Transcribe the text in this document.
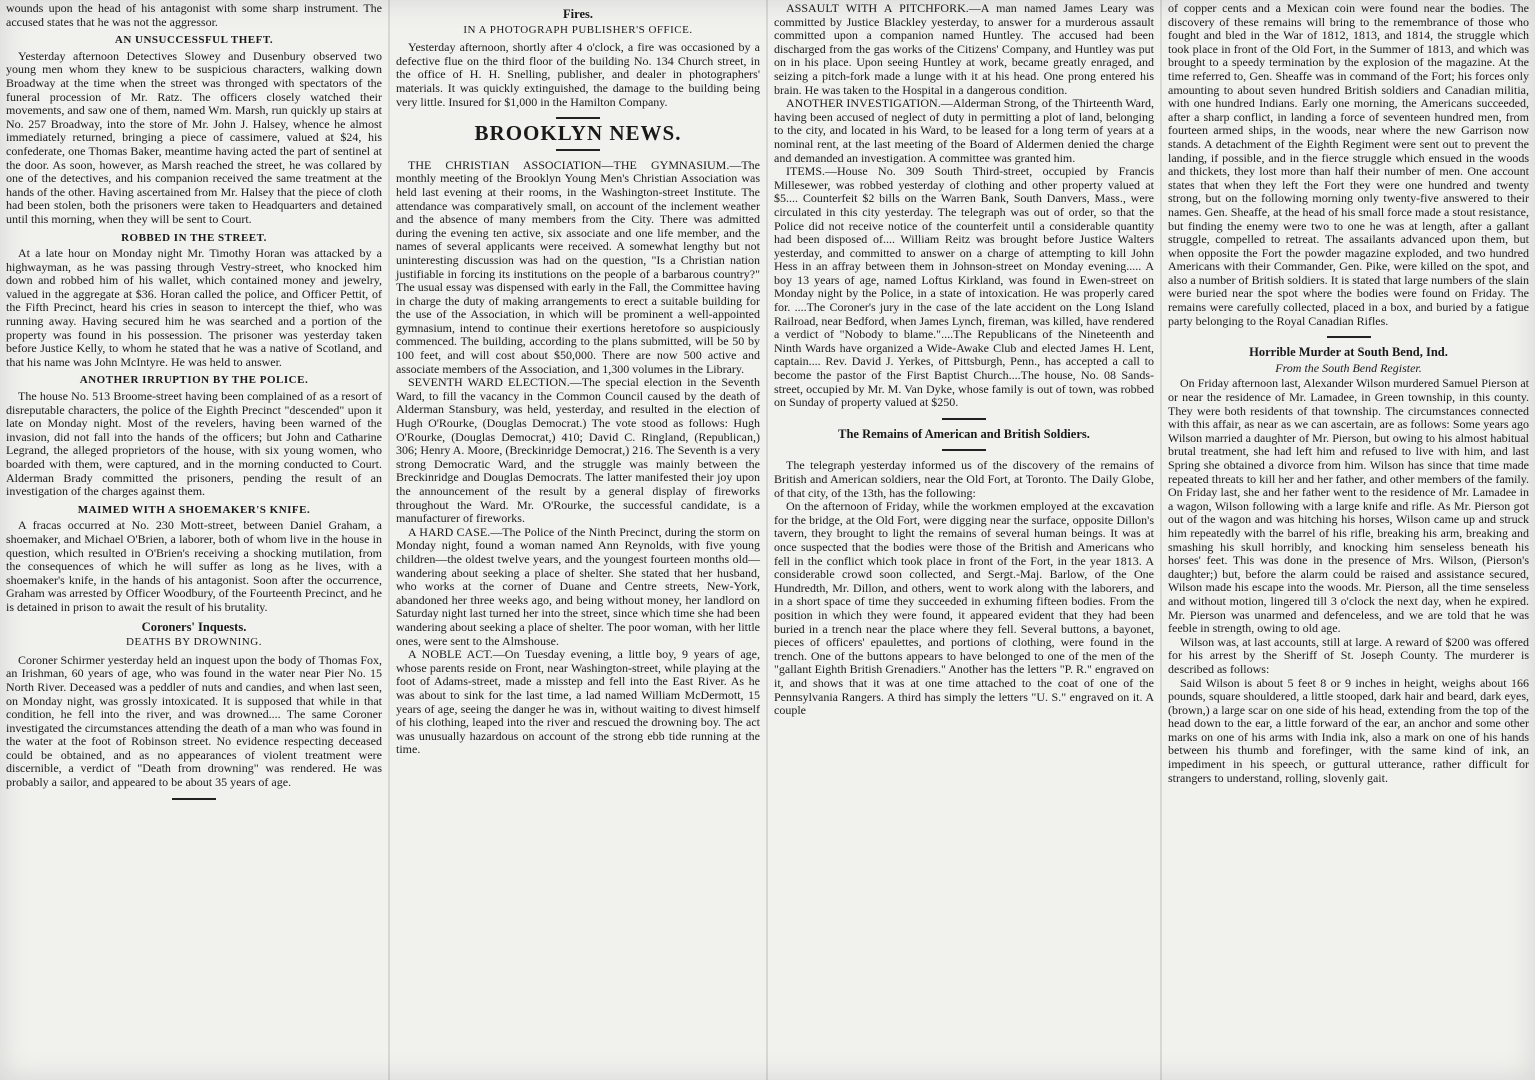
wounds upon the head of his antagonist with some sharp instrument. The accused states that he was not the aggressor.

AN UNSUCCESSFUL THEFT.

Yesterday afternoon Detectives Slowey and Dusenbury observed two young men whom they knew to be suspicious characters, walking down Broadway at the time when the street was thronged with spectators of the funeral procession of Mr. Ratz. The officers closely watched their movements, and saw one of them, named Wm. Marsh, run quickly up stairs at No. 257 Broadway, into the store of Mr. John J. Halsey, whence he almost immediately returned, bringing a piece of cassimere, valued at $24, his confederate, one Thomas Baker, meantime having acted the part of sentinel at the door. As soon, however, as Marsh reached the street, he was collared by one of the detectives, and his companion received the same treatment at the hands of the other. Having ascertained from Mr. Halsey that the piece of cloth had been stolen, both the prisoners were taken to Headquarters and detained until this morning, when they will be sent to Court.

ROBBED IN THE STREET.

At a late hour on Monday night Mr. Timothy Horan was attacked by a highwayman, as he was passing through Vestry-street, who knocked him down and robbed him of his wallet, which contained money and jewelry, valued in the aggregate at $36. Horan called the police, and Officer Pettit, of the Fifth Precinct, heard his cries in season to intercept the thief, who was running away. Having secured him he was searched and a portion of the property was found in his possession. The prisoner was yesterday taken before Justice Kelly, to whom he stated that he was a native of Scotland, and that his name was John McIntyre. He was held to answer.

ANOTHER IRRUPTION BY THE POLICE.

The house No. 513 Broome-street having been complained of as a resort of disreputable characters, the police of the Eighth Precinct "descended" upon it late on Monday night. Most of the revelers, having been warned of the invasion, did not fall into the hands of the officers; but John and Catharine Legrand, the alleged proprietors of the house, with six young women, who boarded with them, were captured, and in the morning conducted to Court. Alderman Brady committed the prisoners, pending the result of an investigation of the charges against them.

MAIMED WITH A SHOEMAKER'S KNIFE.

A fracas occurred at No. 230 Mott-street, between Daniel Graham, a shoemaker, and Michael O'Brien, a laborer, both of whom live in the house in question, which resulted in O'Brien's receiving a shocking mutilation, from the consequences of which he will suffer as long as he lives, with a shoemaker's knife, in the hands of his antagonist. Soon after the occurrence, Graham was arrested by Officer Woodbury, of the Fourteenth Precinct, and he is detained in prison to await the result of his brutality.

Coroners' Inquests.
DEATHS BY DROWNING.

Coroner Schirmer yesterday held an inquest upon the body of Thomas Fox, an Irishman, 60 years of age, who was found in the water near Pier No. 15 North River. Deceased was a peddler of nuts and candies, and when last seen, on Monday night, was grossly intoxicated. It is supposed that while in that condition, he fell into the river, and was drowned.... The same Coroner investigated the circumstances attending the death of a man who was found in the water at the foot of Robinson street. No evidence respecting deceased could be obtained, and as no appearances of violent treatment were discernible, a verdict of "Death from drowning" was rendered. He was probably a sailor, and appeared to be about 35 years of age.

Fires.
IN A PHOTOGRAPH PUBLISHER'S OFFICE.

Yesterday afternoon, shortly after 4 o'clock, a fire was occasioned by a defective flue on the third floor of the building No. 134 Church street, in the office of H. H. Snelling, publisher, and dealer in photographers' materials. It was quickly extinguished, the damage to the building being very little. Insured for $1,000 in the Hamilton Company.

BROOKLYN NEWS.

THE CHRISTIAN ASSOCIATION—THE GYMNASIUM.—The monthly meeting of the Brooklyn Young Men's Christian Association was held last evening at their rooms, in the Washington-street Institute. The attendance was comparatively small, on account of the inclement weather and the absence of many members from the City. There was admitted during the evening ten active, six associate and one life member, and the names of several applicants were received. A somewhat lengthy but not uninteresting discussion was had on the question, "Is a Christian nation justifiable in forcing its institutions on the people of a barbarous country?" The usual essay was dispensed with early in the Fall, the Committee having in charge the duty of making arrangements to erect a suitable building for the use of the Association, in which will be prominent a well-appointed gymnasium, intend to continue their exertions heretofore so auspiciously commenced. The building, according to the plans submitted, will be 50 by 100 feet, and will cost about $50,000. There are now 500 active and associate members of the Association, and 1,300 volumes in the Library.

SEVENTH WARD ELECTION.—The special election in the Seventh Ward, to fill the vacancy in the Common Council caused by the death of Alderman Stansbury, was held, yesterday, and resulted in the election of Hugh O'Rourke, (Douglas Democrat.) The vote stood as follows: Hugh O'Rourke, (Douglas Democrat,) 410; David C. Ringland, (Republican,) 306; Henry A. Moore, (Breckinridge Democrat,) 216. The Seventh is a very strong Democratic Ward, and the struggle was mainly between the Breckinridge and Douglas Democrats. The latter manifested their joy upon the announcement of the result by a general display of fireworks throughout the Ward. Mr. O'Rourke, the successful candidate, is a manufacturer of fireworks.

A HARD CASE.—The Police of the Ninth Precinct, during the storm on Monday night, found a woman named Ann Reynolds, with five young children—the oldest twelve years, and the youngest fourteen months old—wandering about seeking a place of shelter. She stated that her husband, who works at the corner of Duane and Centre streets, New-York, abandoned her three weeks ago, and being without money, her landlord on Saturday night last turned her into the street, since which time she had been wandering about seeking a place of shelter. The poor woman, with her little ones, were sent to the Almshouse.

A NOBLE ACT.—On Tuesday evening, a little boy, 9 years of age, whose parents reside on Front, near Washington-street, while playing at the foot of Adams-street, made a misstep and fell into the East River. As he was about to sink for the last time, a lad named William McDermott, 15 years of age, seeing the danger he was in, without waiting to divest himself of his clothing, leaped into the river and rescued the drowning boy. The act was unusually hazardous on account of the strong ebb tide running at the time.

ASSAULT WITH A PITCHFORK.—A man named James Leary was committed by Justice Blackley yesterday, to answer for a murderous assault committed upon a companion named Huntley. The accused had been discharged from the gas works of the Citizens' Company, and Huntley was put on in his place. Upon seeing Huntley at work, became greatly enraged, and seizing a pitch-fork made a lunge with it at his head. One prong entered his brain. He was taken to the Hospital in a dangerous condition.

ANOTHER INVESTIGATION.—Alderman Strong, of the Thirteenth Ward, having been accused of neglect of duty in permitting a plot of land, belonging to the city, and located in his Ward, to be leased for a long term of years at a nominal rent, at the last meeting of the Board of Aldermen denied the charge and demanded an investigation. A committee was granted him.

ITEMS.—House No. 309 South Third-street, occupied by Francis Millesewer, was robbed yesterday of clothing and other property valued at $5.... Counterfeit $2 bills on the Warren Bank, South Danvers, Mass., were circulated in this city yesterday. The telegraph was out of order, so that the Police did not receive notice of the counterfeit until a considerable quantity had been disposed of.... William Reitz was brought before Justice Walters yesterday, and committed to answer on a charge of attempting to kill John Hess in an affray between them in Johnson-street on Monday evening..... A boy 13 years of age, named Loftus Kirkland, was found in Ewen-street on Monday night by the Police, in a state of intoxication. He was properly cared for. ....The Coroner's jury in the case of the late accident on the Long Island Railroad, near Bedford, when James Lynch, fireman, was killed, have rendered a verdict of "Nobody to blame."....The Republicans of the Nineteenth and Ninth Wards have organized a Wide-Awake Club and elected James H. Lent, captain.... Rev. David J. Yerkes, of Pittsburgh, Penn., has accepted a call to become the pastor of the First Baptist Church....The house, No. 08 Sands-street, occupied by Mr. M. Van Dyke, whose family is out of town, was robbed on Sunday of property valued at $250.

The Remains of American and British Soldiers.

The telegraph yesterday informed us of the discovery of the remains of British and American soldiers, near the Old Fort, at Toronto. The Daily Globe, of that city, of the 13th, has the following:

On the afternoon of Friday, while the workmen employed at the excavation for the bridge, at the Old Fort, were digging near the surface, opposite Dillon's tavern, they brought to light the remains of several human beings. It was at once suspected that the bodies were those of the British and Americans who fell in the conflict which took place in front of the Fort, in the year 1813. A considerable crowd soon collected, and Sergt.-Maj. Barlow, of the One Hundredth, Mr. Dillon, and others, went to work along with the laborers, and in a short space of time they succeeded in exhuming fifteen bodies. From the position in which they were found, it appeared evident that they had been buried in a trench near the place where they fell. Several buttons, a bayonet, pieces of officers' epaulettes, and portions of clothing, were found in the trench. One of the buttons appears to have belonged to one of the men of the "gallant Eighth British Grenadiers." Another has the letters "P. R." engraved on it, and shows that it was at one time attached to the coat of one of the Pennsylvania Rangers. A third has simply the letters "U. S." engraved on it. A couple

of copper cents and a Mexican coin were found near the bodies. The discovery of these remains will bring to the remembrance of those who fought and bled in the War of 1812, 1813, and 1814, the struggle which took place in front of the Old Fort, in the Summer of 1813, and which was brought to a speedy termination by the explosion of the magazine. At the time referred to, Gen. Sheaffe was in command of the Fort; his forces only amounting to about seven hundred British soldiers and Canadian militia, with one hundred Indians. Early one morning, the Americans succeeded, after a sharp conflict, in landing a force of seventeen hundred men, from fourteen armed ships, in the woods, near where the new Garrison now stands. A detachment of the Eighth Regiment were sent out to prevent the landing, if possible, and in the fierce struggle which ensued in the woods and thickets, they lost more than half their number of men. One account states that when they left the Fort they were one hundred and twenty strong, but on the following morning only twenty-five answered to their names. Gen. Sheaffe, at the head of his small force made a stout resistance, but finding the enemy were two to one he was at length, after a gallant struggle, compelled to retreat. The assailants advanced upon them, but when opposite the Fort the powder magazine exploded, and two hundred Americans with their Commander, Gen. Pike, were killed on the spot, and also a number of British soldiers. It is stated that large numbers of the slain were buried near the spot where the bodies were found on Friday. The remains were carefully collected, placed in a box, and buried by a fatigue party belonging to the Royal Canadian Rifles.

Horrible Murder at South Bend, Ind.
From the South Bend Register.

On Friday afternoon last, Alexander Wilson murdered Samuel Pierson at or near the residence of Mr. Lamadee, in Green township, in this county. They were both residents of that township. The circumstances connected with this affair, as near as we can ascertain, are as follows: Some years ago Wilson married a daughter of Mr. Pierson, but owing to his almost habitual brutal treatment, she had left him and refused to live with him, and last Spring she obtained a divorce from him. Wilson has since that time made repeated threats to kill her and her father, and other members of the family. On Friday last, she and her father went to the residence of Mr. Lamadee in a wagon, Wilson following with a large knife and rifle. As Mr. Pierson got out of the wagon and was hitching his horses, Wilson came up and struck him repeatedly with the barrel of his rifle, breaking his arm, breaking and smashing his skull horribly, and knocking him senseless beneath his horses' feet. This was done in the presence of Mrs. Wilson, (Pierson's daughter;) but, before the alarm could be raised and assistance secured, Wilson made his escape into the woods. Mr. Pierson, all the time senseless and without motion, lingered till 3 o'clock the next day, when he expired. Mr. Pierson was unarmed and defenceless, and we are told that he was feeble in strength, owing to old age.

Wilson was, at last accounts, still at large. A reward of $200 was offered for his arrest by the Sheriff of St. Joseph County. The murderer is described as follows:

Said Wilson is about 5 feet 8 or 9 inches in height, weighs about 166 pounds, square shouldered, a little stooped, dark hair and beard, dark eyes, (brown,) a large scar on one side of his head, extending from the top of the head down to the ear, a little forward of the ear, an anchor and some other marks on one of his arms with India ink, also a mark on one of his hands between his thumb and forefinger, with the same kind of ink, an impediment in his speech, or guttural utterance, rather difficult for strangers to understand, rolling, slovenly gait.
